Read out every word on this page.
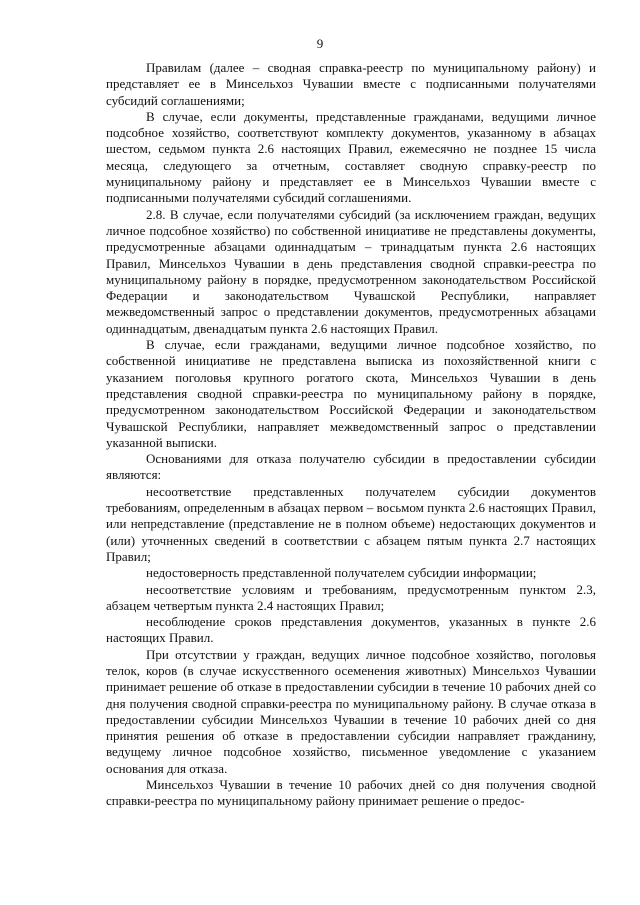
9

Правилам (далее – сводная справка-реестр по муниципальному району) и представляет ее в Минсельхоз Чувашии вместе с подписанными получателями субсидий соглашениями;

В случае, если документы, представленные гражданами, ведущими личное подсобное хозяйство, соответствуют комплекту документов, указанному в абзацах шестом, седьмом пункта 2.6 настоящих Правил, ежемесячно не позднее 15 числа месяца, следующего за отчетным, составляет сводную справку-реестр по муниципальному району и представляет ее в Минсельхоз Чувашии вместе с подписанными получателями субсидий соглашениями.

2.8. В случае, если получателями субсидий (за исключением граждан, ведущих личное подсобное хозяйство) по собственной инициативе не представлены документы, предусмотренные абзацами одиннадцатым – тринадцатым пункта 2.6 настоящих Правил, Минсельхоз Чувашии в день представления сводной справки-реестра по муниципальному району в порядке, предусмотренном законодательством Российской Федерации и законодательством Чувашской Республики, направляет межведомственный запрос о представлении документов, предусмотренных абзацами одиннадцатым, двенадцатым пункта 2.6 настоящих Правил.

В случае, если гражданами, ведущими личное подсобное хозяйство, по собственной инициативе не представлена выписка из похозяйственной книги с указанием поголовья крупного рогатого скота, Минсельхоз Чувашии в день представления сводной справки-реестра по муниципальному району в порядке, предусмотренном законодательством Российской Федерации и законодательством Чувашской Республики, направляет межведомственный запрос о представлении указанной выписки.

Основаниями для отказа получателю субсидии в предоставлении субсидии являются:

несоответствие представленных получателем субсидии документов требованиям, определенным в абзацах первом – восьмом пункта 2.6 настоящих Правил, или непредставление (представление не в полном объеме) недостающих документов и (или) уточненных сведений в соответствии с абзацем пятым пункта 2.7 настоящих Правил;

недостоверность представленной получателем субсидии информации;

несоответствие условиям и требованиям, предусмотренным пунктом 2.3, абзацем четвертым пункта 2.4 настоящих Правил;

несоблюдение сроков представления документов, указанных в пункте 2.6 настоящих Правил.

При отсутствии у граждан, ведущих личное подсобное хозяйство, поголовья телок, коров (в случае искусственного осеменения животных) Минсельхоз Чувашии принимает решение об отказе в предоставлении субсидии в течение 10 рабочих дней со дня получения сводной справки-реестра по муниципальному району. В случае отказа в предоставлении субсидии Минсельхоз Чувашии в течение 10 рабочих дней со дня принятия решения об отказе в предоставлении субсидии направляет гражданину, ведущему личное подсобное хозяйство, письменное уведомление с указанием основания для отказа.

Минсельхоз Чувашии в течение 10 рабочих дней со дня получения сводной справки-реестра по муниципальному району принимает решение о предос-
